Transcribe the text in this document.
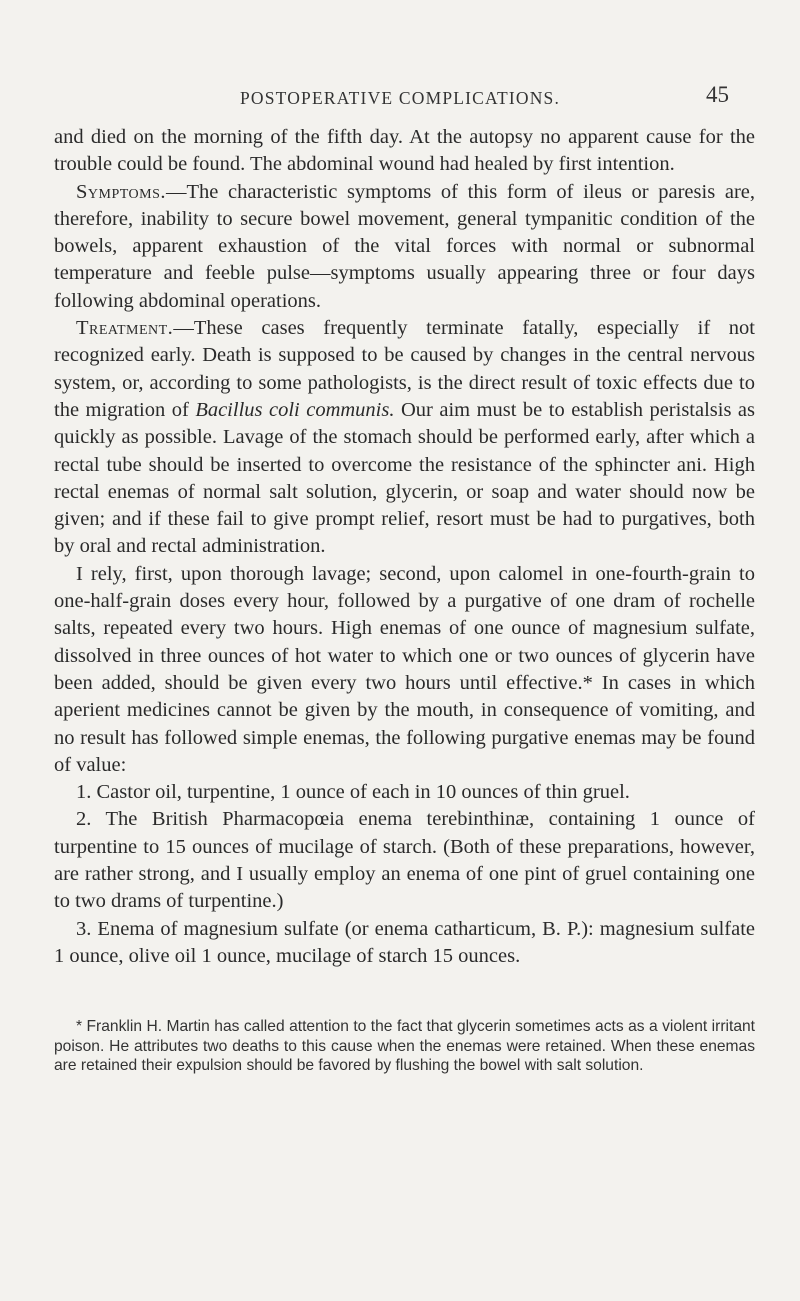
POSTOPERATIVE COMPLICATIONS.	45

and died on the morning of the fifth day. At the autopsy no apparent cause for the trouble could be found. The abdominal wound had healed by first intention.

Symptoms.—The characteristic symptoms of this form of ileus or paresis are, therefore, inability to secure bowel movement, general tympanitic condition of the bowels, apparent exhaustion of the vital forces with normal or subnormal temperature and feeble pulse—symptoms usually appearing three or four days following abdominal operations.

Treatment.—These cases frequently terminate fatally, especially if not recognized early. Death is supposed to be caused by changes in the central nervous system, or, according to some pathologists, is the direct result of toxic effects due to the migration of Bacillus coli communis. Our aim must be to establish peristalsis as quickly as possible. Lavage of the stomach should be performed early, after which a rectal tube should be inserted to overcome the resistance of the sphincter ani. High rectal enemas of normal salt solution, glycerin, or soap and water should now be given; and if these fail to give prompt relief, resort must be had to purgatives, both by oral and rectal administration.

I rely, first, upon thorough lavage; second, upon calomel in one-fourth-grain to one-half-grain doses every hour, followed by a purgative of one dram of rochelle salts, repeated every two hours. High enemas of one ounce of magnesium sulfate, dissolved in three ounces of hot water to which one or two ounces of glycerin have been added, should be given every two hours until effective.* In cases in which aperient medicines cannot be given by the mouth, in consequence of vomiting, and no result has followed simple enemas, the following purgative enemas may be found of value:

1. Castor oil, turpentine, 1 ounce of each in 10 ounces of thin gruel.

2. The British Pharmacopœia enema terebinthinæ, containing 1 ounce of turpentine to 15 ounces of mucilage of starch. (Both of these preparations, however, are rather strong, and I usually employ an enema of one pint of gruel containing one to two drams of turpentine.)

3. Enema of magnesium sulfate (or enema catharticum, B. P.): magnesium sulfate 1 ounce, olive oil 1 ounce, mucilage of starch 15 ounces.

* Franklin H. Martin has called attention to the fact that glycerin sometimes acts as a violent irritant poison. He attributes two deaths to this cause when the enemas were retained. When these enemas are retained their expulsion should be favored by flushing the bowel with salt solution.
